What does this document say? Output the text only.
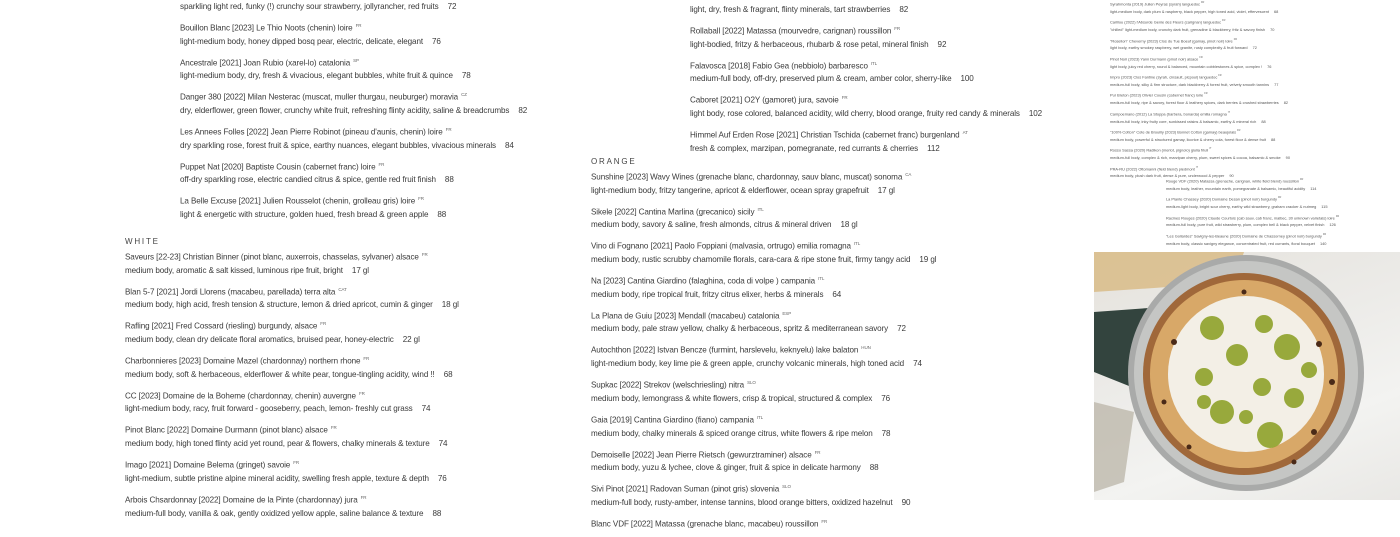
sparkling light red, funky (!) crunchy sour strawberry, jollyrancher, red fruits 72
Bouillon Blanc [2023] Le Thio Noots (chenin) loire $^{FR}$
light-medium body, honey dipped bosq pear, electric, delicate, elegant 76
Ancestrale [2021] Joan Rubio (xarel-lo) catalonia $^{SP}$
light-medium body, dry, fresh & vivacious, elegant bubbles, white fruit & quince 78
Danger 380 [2022] Milan Nesterac (muscat, muller thurgau, neuburger) moravia $^{CZ}$
dry, elderflower, green flower, crunchy white fruit, refreshing flinty acidity, saline & breadcrumbs 82
Les Annees Folles [2022] Jean Pierre Robinot (pineau d'aunis, chenin) loire $^{FR}$
dry sparkling rose, forest fruit & spice, earthy nuances, elegant bubbles, vivacious minerals 84
Puppet Nat [2020] Baptiste Cousin (cabernet franc) loire $^{FR}$
off-dry sparkling rose, electric candied citrus & spice, gentle red fruit finish 88
La Belle Excuse [2021] Julien Rousselot (chenin, grolleau gris) loire $^{FR}$
light & energetic with structure, golden hued, fresh bread & green apple 88
WHITE
Saveurs [22-23] Christian Binner (pinot blanc, auxerrois, chasselas, sylvaner) alsace $^{FR}$
medium body, aromatic & salt kissed, luminous ripe fruit, bright 17 gl
Blan 5-7 [2021] Jordi Llorens (macabeu, parellada) terra alta $^{CAT}$
medium body, high acid, fresh tension & structure, lemon & dried apricot, cumin & ginger 18 gl
Rafling [2021] Fred Cossard (riesling) burgundy, alsace $^{FR}$
medium body, clean dry delicate floral aromatics, bruised pear, honey-electric 22 gl
Charbonnieres [2023] Domaine Mazel (chardonnay) northern rhone $^{FR}$
medium body, soft & herbaceous, elderflower & white pear, tongue-tingling acidity, wind !! 68
CC [2023] Domaine de la Boheme (chardonnay, chenin) auvergne $^{FR}$
light-medium body, racy, fruit forward - gooseberry, peach, lemon- freshly cut grass 74
Pinot Blanc [2022] Domaine Durmann (pinot blanc) alsace $^{FR}$
medium body, high toned flinty acid yet round, pear & flowers, chalky minerals & texture 74
Imago [2021] Domaine Belema (gringet) savoie $^{FR}$
light-medium, subtle pristine alpine mineral acidity, swelling fresh apple, texture & depth 76
Arbois Chsardonnay [2022] Domaine de la Pinte (chardonnay) jura $^{FR}$
medium-full body, vanilla & oak, gently oxidized yellow apple, saline balance & texture 88
light, dry, fresh & fragrant, flinty minerals, tart strawberries 82
Rollaball [2022] Matassa (mourvedre, carignan) roussillon $^{FR}$
light-bodied, fritzy & herbaceous, rhubarb & rose petal, mineral finish 92
Falavosca [2018] Fabio Gea (nebbiolo) barbaresco $^{ITL}$
medium-full body, off-dry, preserved plum & cream, amber color, sherry-like 100
Caboret [2021] O2Y (gamoret) jura, savoie $^{FR}$
light body, rose colored, balanced acidity, wild cherry, blood orange, fruity red candy & minerals 102
Himmel Auf Erden Rose [2021] Christian Tschida (cabernet franc) burgenland $^{AT}$
fresh & complex, marzipan, pomegranate, red currants & cherries 112
ORANGE
Sunshine [2023] Wavy Wines (grenache blanc, chardonnay, sauv blanc, muscat) sonoma $^{CA}$
light-medium body, fritzy tangerine, apricot & elderflower, ocean spray grapefruit 17 gl
Sikele [2022] Cantina Marlina (grecanico) sicily $^{ITL}$
medium body, savory & saline, fresh almonds, citrus & mineral driven 18 gl
Vino di Fognano [2021] Paolo Foppiani (malvasia, ortrugo) emilia romagna $^{ITL}$
medium body, rustic scrubby chamomile florals, cara-cara & ripe stone fruit, firmy tangy acid 19 gl
Na [2023] Cantina Giardino (falaghina, coda di volpe ) campania $^{ITL}$
medium body, ripe tropical fruit, fritzy citrus elixer, herbs & minerals 64
La Plana de Guiu [2023] Mendall (macabeu) catalonia $^{ESP}$
medium body, pale straw yellow, chalky & herbaceous, spritz & mediterranean savory 72
Autochthon [2022] Istvan Bencze (furmint, harslevelu, keknyelu) lake balaton $^{HUN}$
light-medium body, key lime pie & green apple, crunchy volcanic minerals, high toned acid 74
Supkac [2022] Strekov (welschriesling) nitra $^{SLO}$
medium body, lemongrass & white flowers, crisp & tropical, structured & complex 76
Gaia [2019] Cantina Giardino (fiano) campania $^{ITL}$
medium body, chalky minerals & spiced orange citrus, white flowers & ripe melon 78
Demoiselle [2022] Jean Pierre Rietsch (gewurztraminer) alsace $^{FR}$
medium body, yuzu & lychee, clove & ginger, fruit & spice in delicate harmony 88
Sivi Pinot [2021] Radovan Suman (pinot gris) slovenia $^{SLO}$
medium-full body, rusty-amber, intense tannins, blood orange bitters, oxidized hazelnut 90
Blanc VDF [2022] Matassa (grenache blanc, macabeu) roussillon $^{FR}$
Syrahmonta (2019) Julien Peyras (syrah) languedoc$^{FR}$
light-medium body, dark plum & raspberry, black pepper, high toned acid, violet, effervescent 68
Carillou (2022) l'Absurde Genie des Fleurs (carignan) languedoc$^{FR}$
"chilled" light-medium body, crunchy dark fruit, grenadine & blackberry, fritz & savory finish 70
"Rosellon" Cheverny (2023) Clos du Tue Boeuf (gamay, pinot noir) loire$^{FR}$
light body, earthy smokey raspberry, wet granite, rusty complexity & fruit forward 72
Pinot Noir (2023) Yann Durmann (pinot noir) alsace$^{FR}$
light body, juicy red cherry, round & balanced, mountain cobblestones & spice, complex ! 76
Impro (2023) Clos Fantine (syrah, cinsault, picpoul) languedoc$^{FR}$
medium-full body, silky & firm structure, dark blackberry & forest fruit, velvety smooth tannins 77
Pur Breton (2023) Olivier Cousin (cabernet franc) loire$^{FR}$
medium-full body, ripe & savory, forest floor & leathery spices, dark berries & crushed strawberries 82
Campoemano (2012) La Stoppa (barbera, bonarda) emilia romagna$^{IT}$
medium-full body, inky fruity core, sunkissed raisins & balsamic, earthy & mineral rich 88
"100% Cotton" Cote de Brouilly (2023) Bonnet Cotton (gamay) beaujolais$^{FR}$
medium body, powerful & structured gamay, licorice & cherry cola, forest floor & dense fruit 88
Rosso Sassa (2020) Radikon (merlot, pignolo) giulia friuli$^{IT}$
medium-full body, complex & rich, marzipan cherry, plum, sweet spices & cocoa, balsamic & smoke 90
PRA-RU (2022) Ottomanni (field blend) piedmont$^{IT}$
medium body, plush dark fruit, dense & pure, underwood & pepper 90
Rouge VDF (2020) Matassa (grenache, carignan, white field blend) roussillon$^{FR}$
medium body, leather, mountain earth, pomegranate & balsamic, beautiful acidity 114
La Plante Chassey (2020) Domaine Desan (pinot noir) burgundy$^{FR}$
medium-light body, bright sour cherry, earthy wild strawberry, graham cracker & nutmeg 115
Racines Rouges (2020) Claude Courtois (cab sauv, cab franc, malbec, 30 unknown varietals) loire$^{FR}$
medium-full body, pure fruit, wild strawberry, plum, complex bell & black pepper, velvet finish 126
"Les Gollardes" Savigny-les-Beaune (2020) Domaine de Chassorney (pinot noir) burgundy$^{FR}$
medium body, classic savigny elegance, concentrated fruit, red currants, floral bouquet 140
